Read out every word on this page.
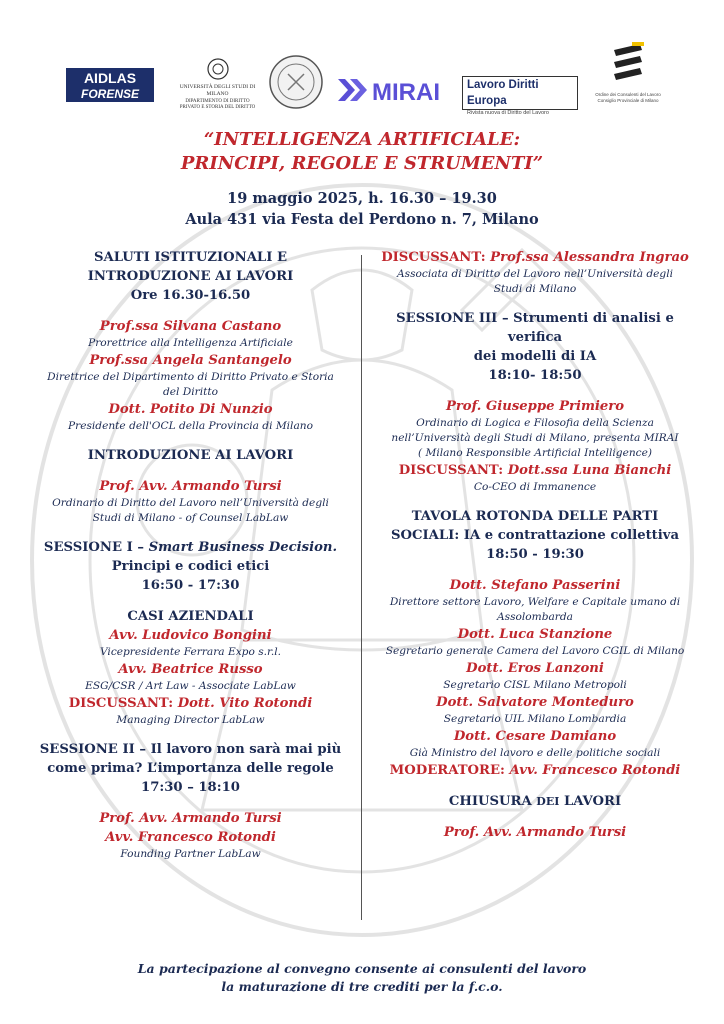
AIDLAS
FORENSE	UNIVERSITÀ DEGLI STUDI DI MILANO
DIPARTIMENTO DI DIRITTO PRIVATO E STORIA DEL DIRITTO
MIRAI	Lavoro Diritti Europa
Rivista nuova di Diritto del Lavoro
Ordine dei Consulenti del Lavoro Consiglio Provinciale di Milano
“INTELLIGENZA ARTIFICIALE:
PRINCIPI, REGOLE E STRUMENTI”
19 maggio 2025, h. 16.30 – 19.30
Aula 431 via Festa del Perdono n. 7, Milano
SALUTI ISTITUZIONALI E
INTRODUZIONE AI LAVORI
Ore 16.30-16.50
Prof.ssa Silvana Castano
Prorettrice alla Intelligenza Artificiale
Prof.ssa Angela Santangelo
Direttrice del Dipartimento di Diritto Privato e Storia
del Diritto
Dott. Potito Di Nunzio
Presidente dell'OCL della Provincia di Milano
INTRODUZIONE AI LAVORI
Prof. Avv. Armando Tursi
Ordinario di Diritto del Lavoro nell’Università degli
Studi di Milano - of Counsel LabLaw
SESSIONE I – Smart Business Decision.
Principi e codici etici
16:50 - 17:30
CASI AZIENDALI
Avv. Ludovico Bongini
Vicepresidente Ferrara Expo s.r.l.
Avv. Beatrice Russo
ESG/CSR / Art Law - Associate LabLaw
DISCUSSANT: Dott. Vito Rotondi
Managing Director LabLaw
SESSIONE II – Il lavoro non sarà mai più
come prima? L’importanza delle regole
17:30 – 18:10
Prof. Avv. Armando Tursi
Avv. Francesco Rotondi
Founding Partner LabLaw
DISCUSSANT: Prof.ssa Alessandra Ingrao
Associata di Diritto del Lavoro nell’Università degli
Studi di Milano
SESSIONE III – Strumenti di analisi e verifica
dei modelli di IA
18:10- 18:50
Prof. Giuseppe Primiero
Ordinario di Logica e Filosofia della Scienza
nell’Università degli Studi di Milano, presenta MIRAI
( Milano Responsible Artificial Intelligence)
DISCUSSANT: Dott.ssa Luna Bianchi
Co-CEO di Immanence
TAVOLA ROTONDA DELLE PARTI
SOCIALI: IA e contrattazione collettiva
18:50 - 19:30
Dott. Stefano Passerini
Direttore settore Lavoro, Welfare e Capitale umano di
Assolombarda
Dott. Luca Stanzione
Segretario generale Camera del Lavoro CGIL di Milano
Dott. Eros Lanzoni
Segretario CISL Milano Metropoli
Dott. Salvatore Monteduro
Segretario UIL Milano Lombardia
Dott. Cesare Damiano
Già Ministro del lavoro e delle politiche sociali
MODERATORE: Avv. Francesco Rotondi
CHIUSURA DEI LAVORI
Prof. Avv. Armando Tursi
La partecipazione al convegno consente ai consulenti del lavoro
la maturazione di tre crediti per la f.c.o.
